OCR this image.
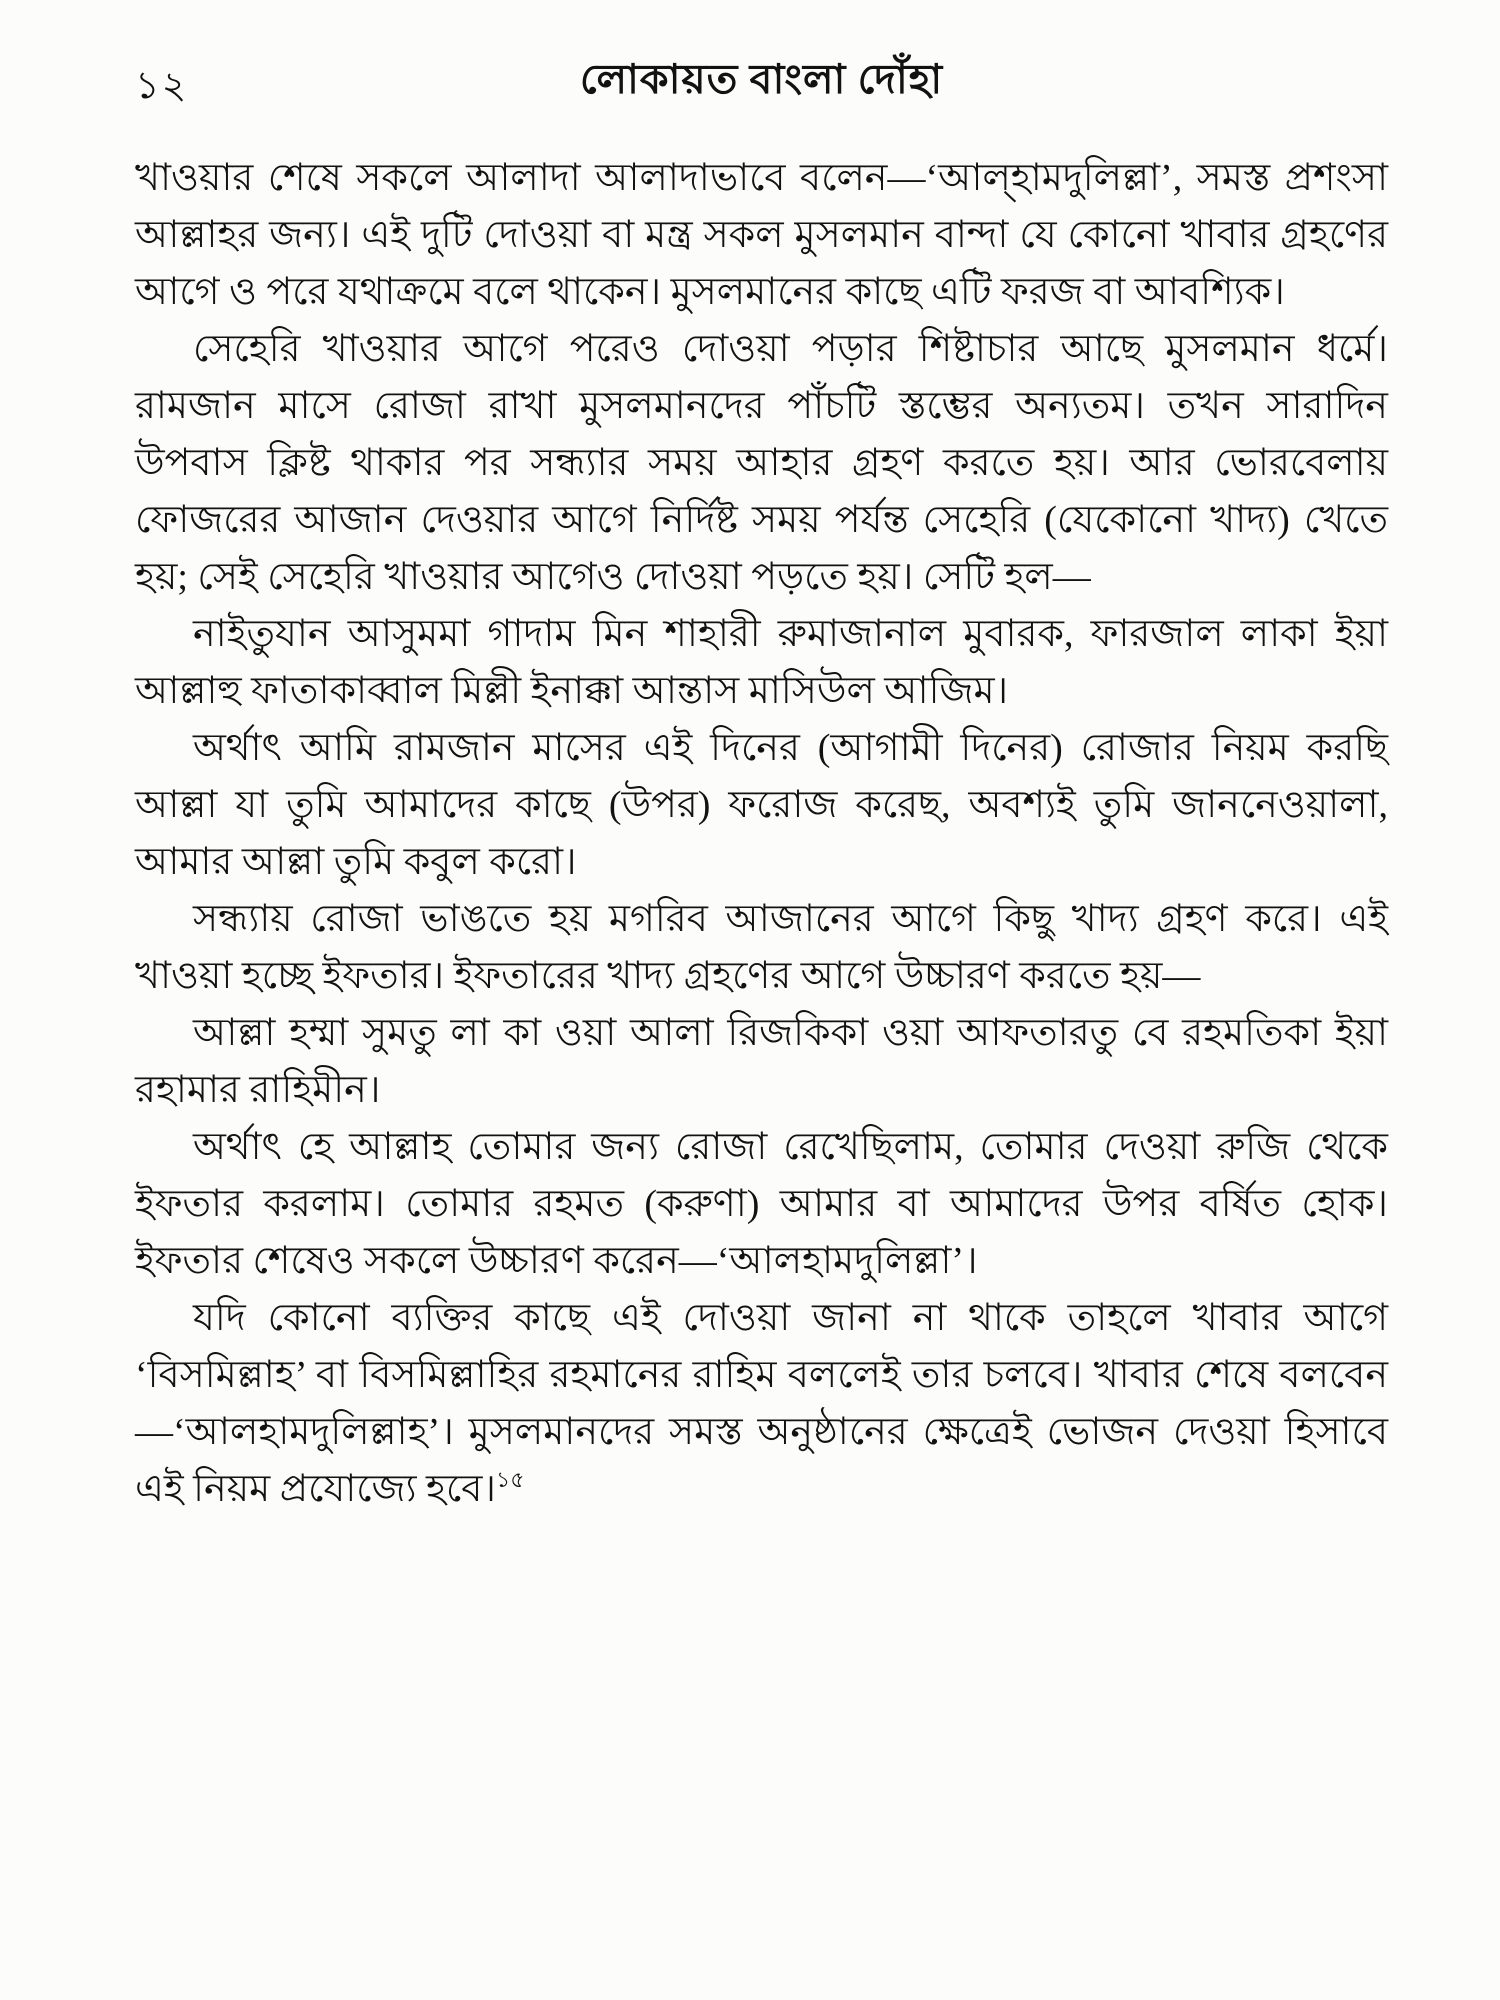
১২	লোকায়ত বাংলা দোঁহা

খাওয়ার শেষে সকলে আলাদা আলাদাভাবে বলেন—‘আল্‌হামদুলিল্লা’, সমস্ত প্রশংসা আল্লাহর জন্য। এই দুটি দোওয়া বা মন্ত্র সকল মুসলমান বান্দা যে কোনো খাবার গ্রহণের আগে ও পরে যথাক্রমে বলে থাকেন। মুসলমানের কাছে এটি ফরজ বা আবশ্যিক।

সেহেরি খাওয়ার আগে পরেও দোওয়া পড়ার শিষ্টাচার আছে মুসলমান ধর্মে। রামজান মাসে রোজা রাখা মুসলমানদের পাঁচটি স্তম্ভের অন্যতম। তখন সারাদিন উপবাস ক্লিষ্ট থাকার পর সন্ধ্যার সময় আহার গ্রহণ করতে হয়। আর ভোরবেলায় ফোজরের আজান দেওয়ার আগে নির্দিষ্ট সময় পর্যন্ত সেহেরি (যেকোনো খাদ্য) খেতে হয়; সেই সেহেরি খাওয়ার আগেও দোওয়া পড়তে হয়। সেটি হল—

নাইতুযান আসুমমা গাদাম মিন শাহারী রুমাজানাল মুবারক, ফারজাল লাকা ইয়া আল্লাহু ফাতাকাব্বাল মিল্লী ইনাক্কা আন্তাস মাসিউল আজিম।

অর্থাৎ আমি রামজান মাসের এই দিনের (আগামী দিনের) রোজার নিয়ম করছি আল্লা যা তুমি আমাদের কাছে (উপর) ফরোজ করেছ, অবশ্যই তুমি জাননেওয়ালা, আমার আল্লা তুমি কবুল করো।

সন্ধ্যায় রোজা ভাঙতে হয় মগরিব আজানের আগে কিছু খাদ্য গ্রহণ করে। এই খাওয়া হচ্ছে ইফতার। ইফতারের খাদ্য গ্রহণের আগে উচ্চারণ করতে হয়—

আল্লা হম্মা সুমতু লা কা ওয়া আলা রিজকিকা ওয়া আফতারতু বে রহমতিকা ইয়া রহামার রাহিমীন।

অর্থাৎ হে আল্লাহ তোমার জন্য রোজা রেখেছিলাম, তোমার দেওয়া রুজি থেকে ইফতার করলাম। তোমার রহমত (করুণা) আমার বা আমাদের উপর বর্ষিত হোক। ইফতার শেষেও সকলে উচ্চারণ করেন—‘আলহামদুলিল্লা’।

যদি কোনো ব্যক্তির কাছে এই দোওয়া জানা না থাকে তাহলে খাবার আগে ‘বিসমিল্লাহ’ বা বিসমিল্লাহির রহমানের রাহিম বললেই তার চলবে। খাবার শেষে বলবেন—‘আলহামদুলিল্লাহ’। মুসলমানদের সমস্ত অনুষ্ঠানের ক্ষেত্রেই ভোজন দেওয়া হিসাবে এই নিয়ম প্রযোজ্যে হবে।$^{১৫}$
